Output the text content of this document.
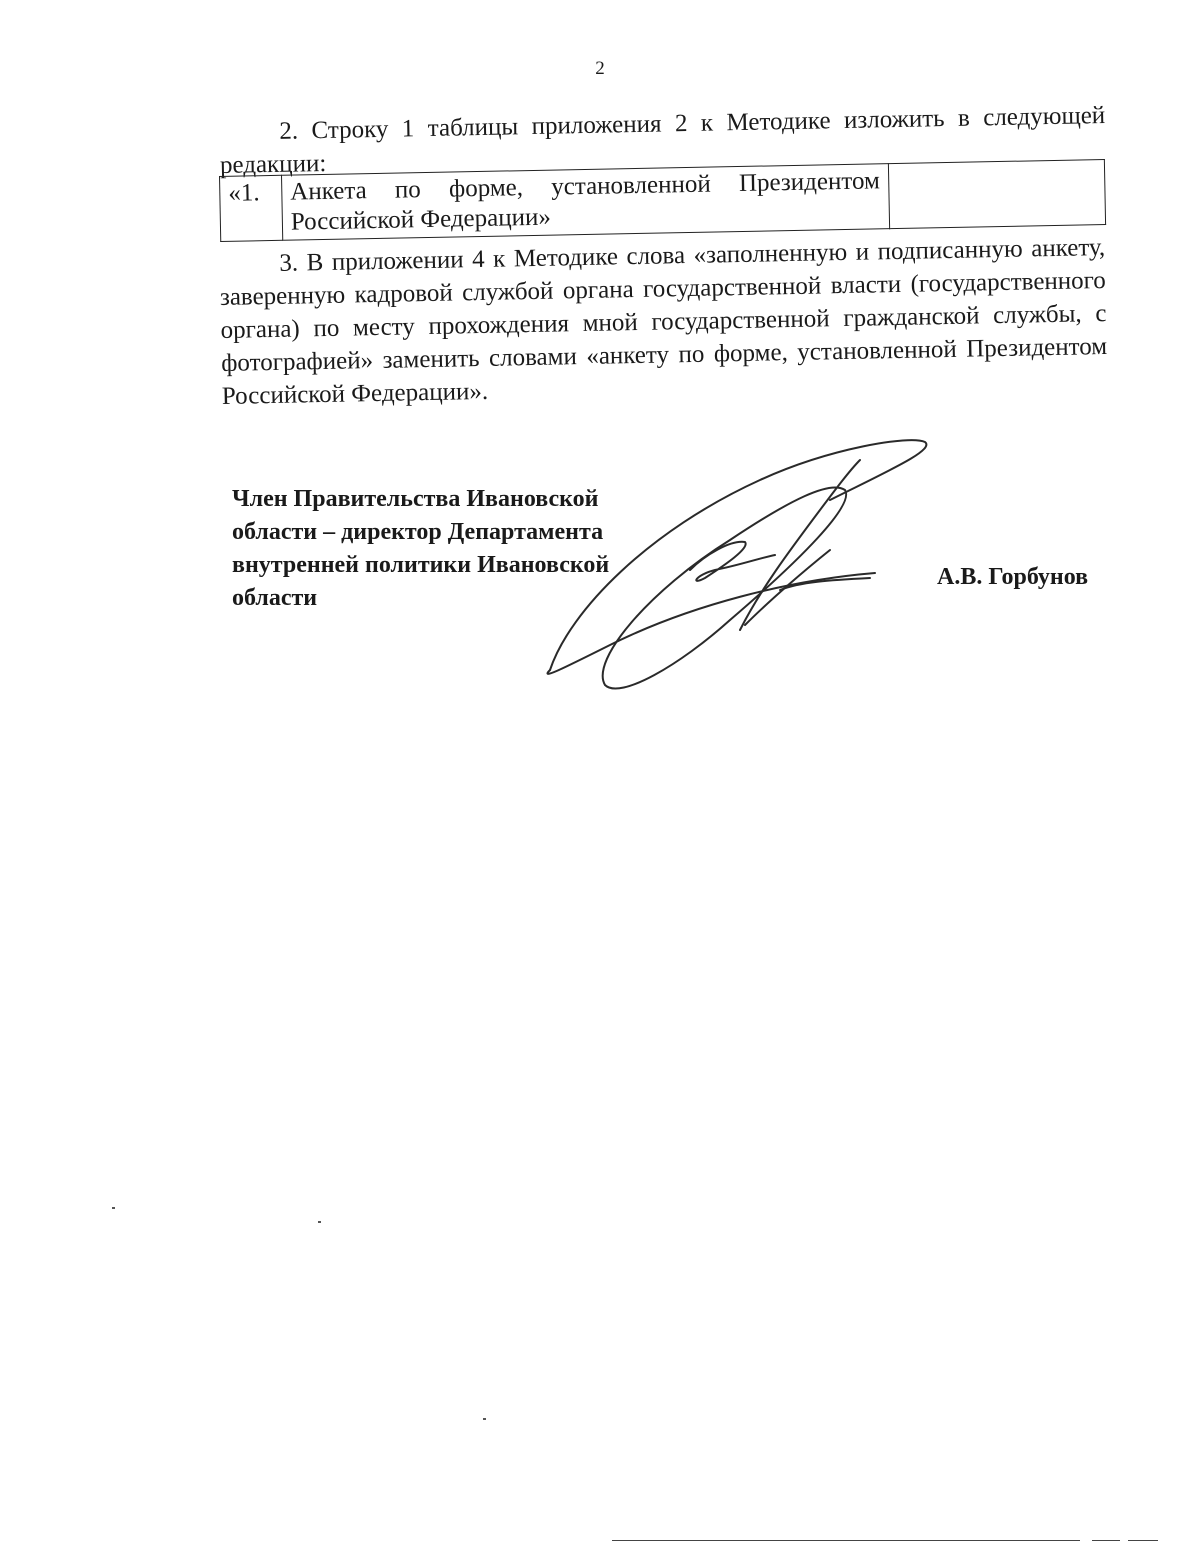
2

2. Строку 1 таблицы приложения 2 к Методике изложить в следующей редакции:

«1.	Анкета по форме, установленной Президентом Российской Федерации»	

3. В приложении 4 к Методике слова «заполненную и подписанную анкету, заверенную кадровой службой органа государственной власти (государственного органа) по месту прохождения мной государственной гражданской службы, с фотографией» заменить словами «анкету по форме, установленной Президентом Российской Федерации».

Член Правительства Ивановской
области – директор Департамента
внутренней политики Ивановской
области
А.В. Горбунов
